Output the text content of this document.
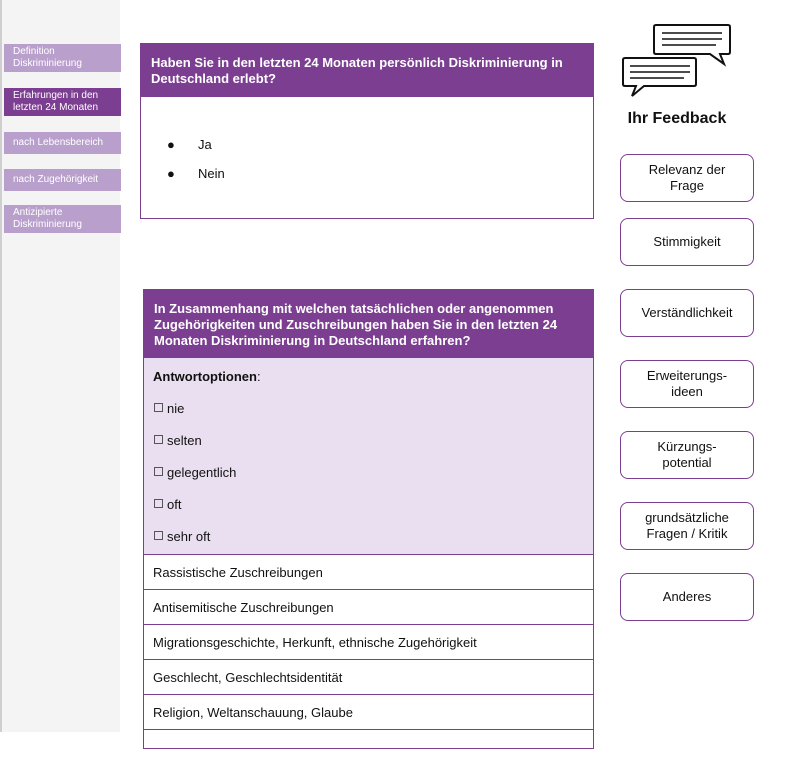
Definition Diskriminierung
Erfahrungen in den letzten 24 Monaten
nach Lebensbereich
nach Zugehörigkeit
Antizipierte Diskriminierung
Haben Sie in den letzten 24 Monaten persönlich Diskriminierung in Deutschland erlebt?
● Ja
● Nein
In Zusammenhang mit welchen tatsächlichen oder angenommen Zugehörigkeiten und Zuschreibungen haben Sie in den letzten 24 Monaten Diskriminierung in Deutschland erfahren?
Antwortoptionen:
nie
selten
gelegentlich
oft
sehr oft
Rassistische Zuschreibungen
Antisemitische Zuschreibungen
Migrationsgeschichte, Herkunft, ethnische Zugehörigkeit
Geschlecht, Geschlechtsidentität
Religion, Weltanschauung, Glaube
Ihr Feedback
Relevanz der
Frage
Stimmigkeit
Verständlichkeit
Erweiterungs-
ideen
Kürzungs-
potential
grundsätzliche
Fragen / Kritik
Anderes
